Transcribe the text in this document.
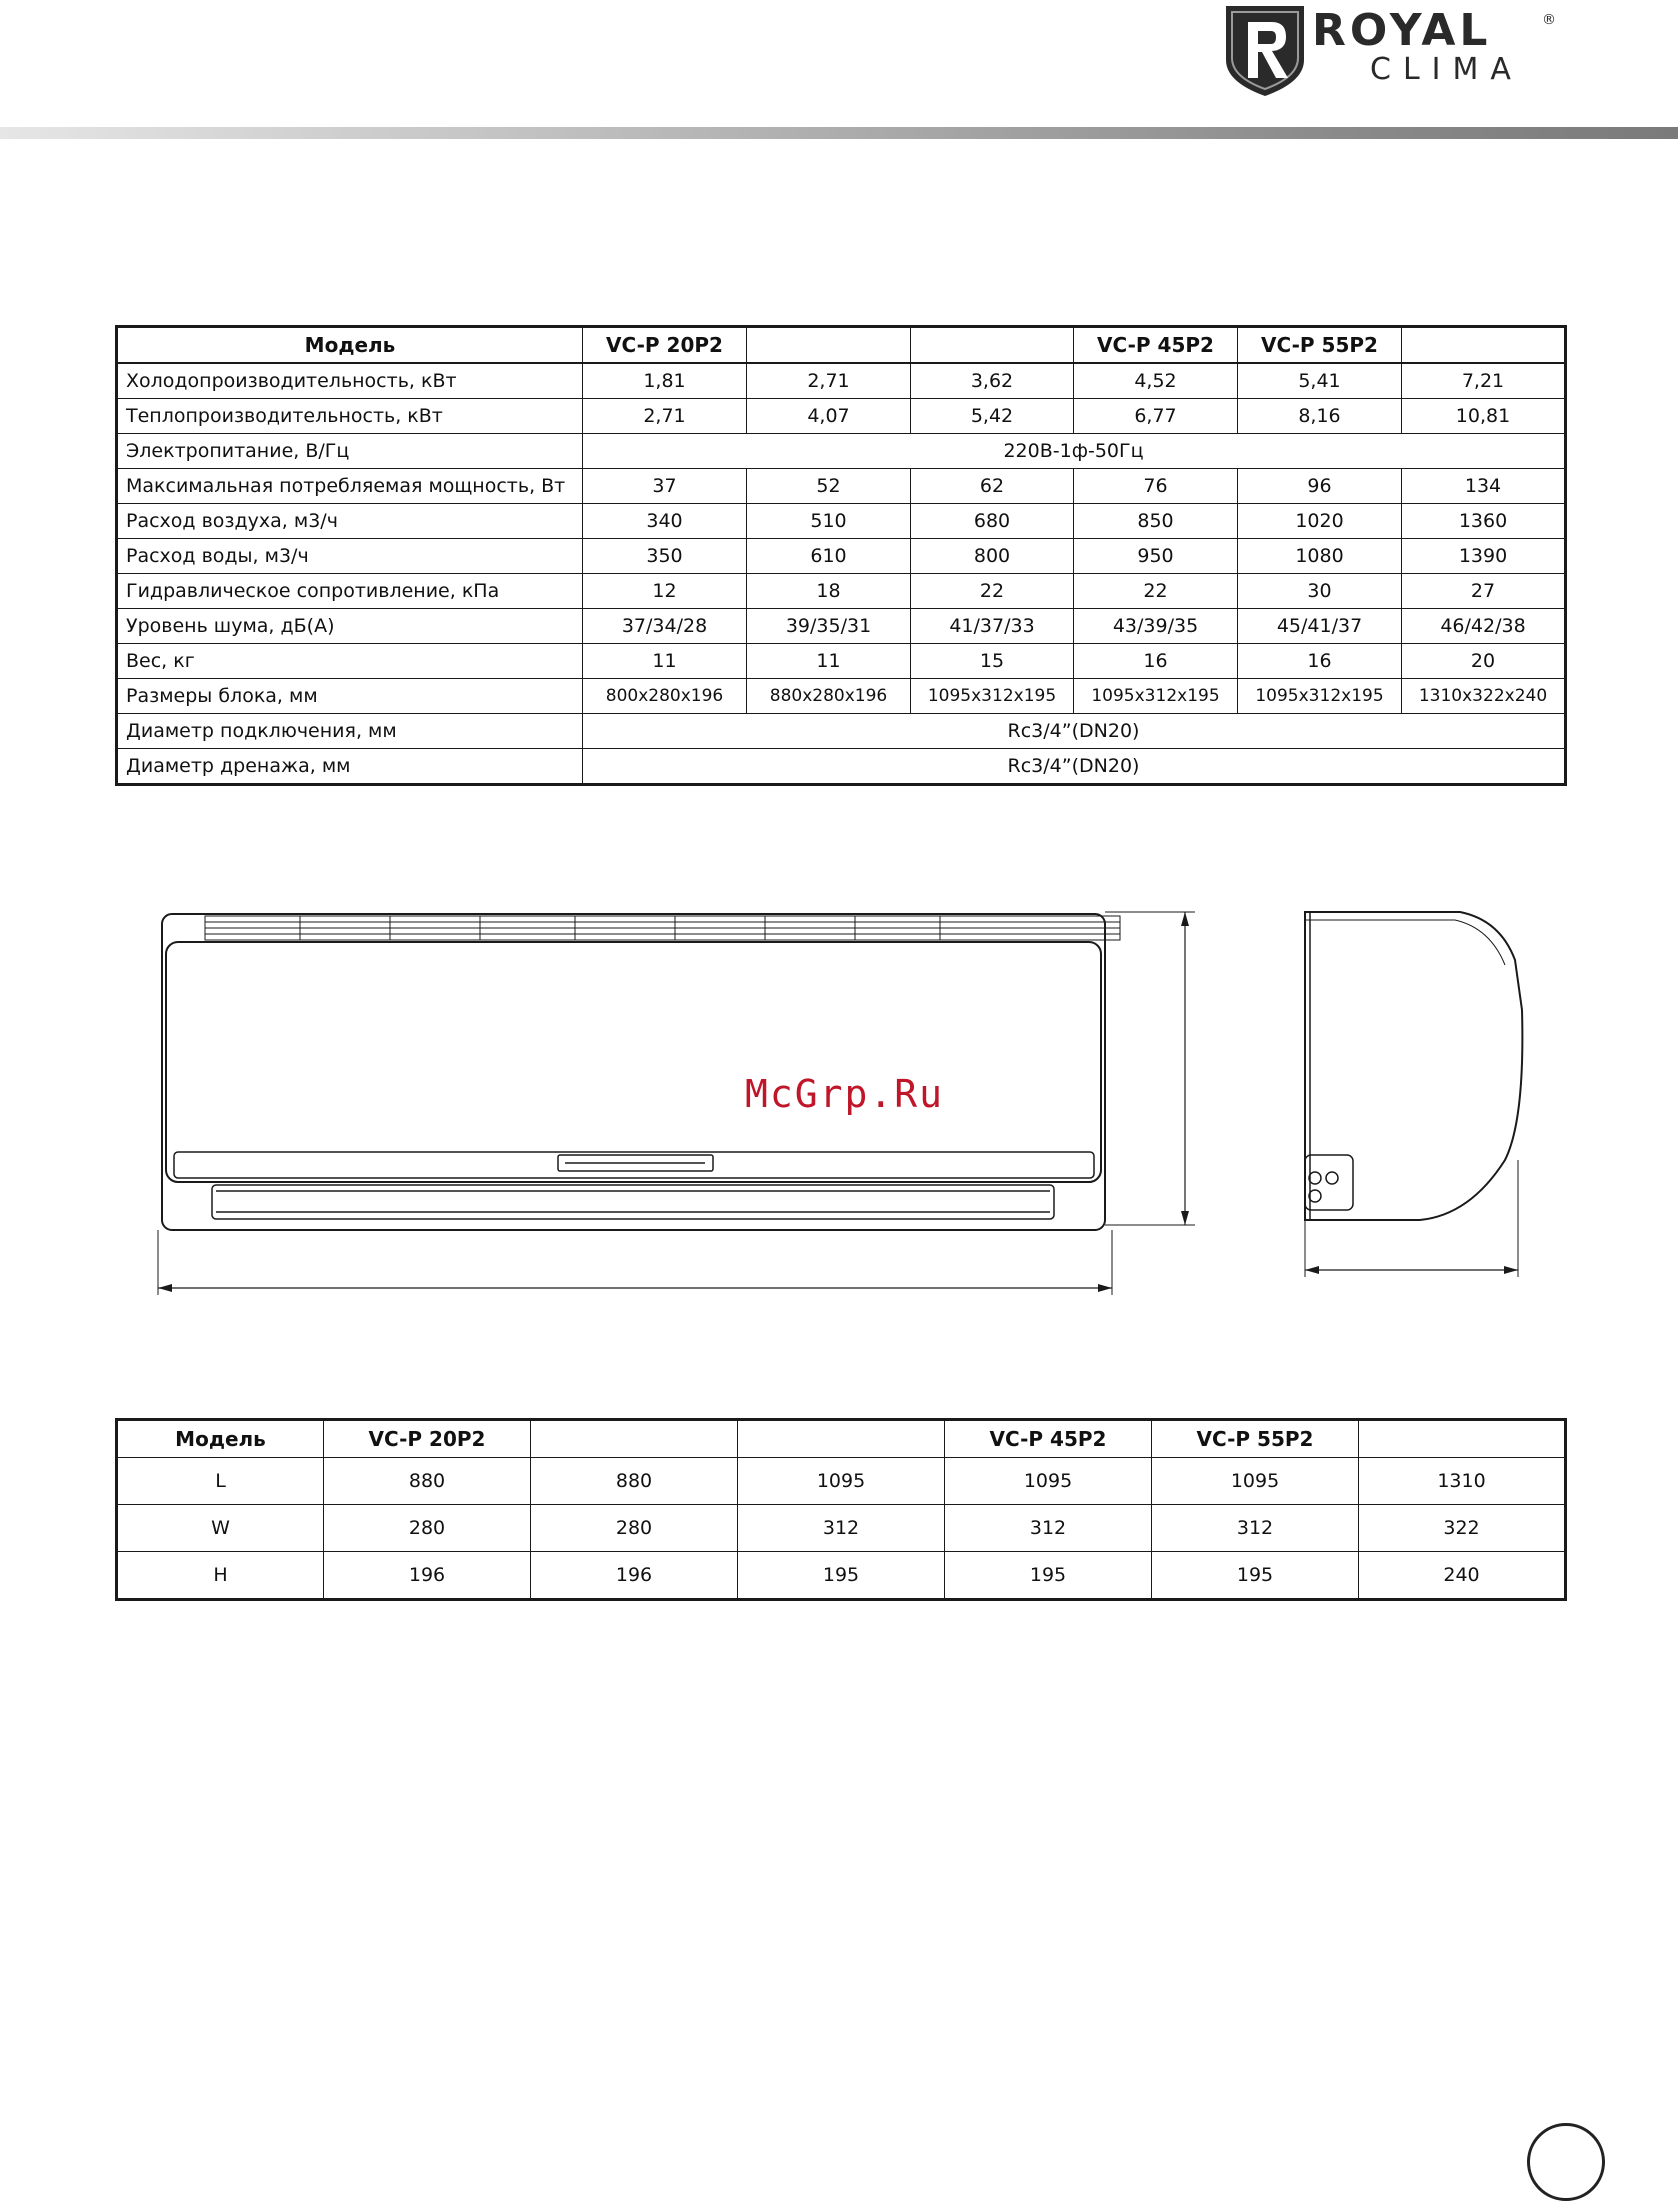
ROYAL
CLIMA
®
Модель	VC-P 20P2			VC-P 45P2	VC-P 55P2	
Холодопроизводительность, кВт	1,81	2,71	3,62	4,52	5,41	7,21
Теплопроизводительность, кВт	2,71	4,07	5,42	6,77	8,16	10,81
Электропитание, В/Гц	220В-1ф-50Гц					
Максимальная потребляемая мощность, Вт	37	52	62	76	96	134
Расход воздуха, м3/ч	340	510	680	850	1020	1360
Расход воды, м3/ч	350	610	800	950	1080	1390
Гидравлическое сопротивление, кПа	12	18	22	22	30	27
Уровень шума, дБ(А)	37/34/28	39/35/31	41/37/33	43/39/35	45/41/37	46/42/38
Вес, кг	11	11	15	16	16	20
Размеры блока, мм	800x280x196	880x280x196	1095x312x195	1095x312x195	1095x312x195	1310x322x240
Диаметр подключения, мм	Rc3/4”(DN20)					
Диаметр дренажа, мм	Rc3/4”(DN20)					
McGrp.Ru
Модель	VC-P 20P2			VC-P 45P2	VC-P 55P2	
L	880	880	1095	1095	1095	1310
W	280	280	312	312	312	322
H	196	196	195	195	195	240
